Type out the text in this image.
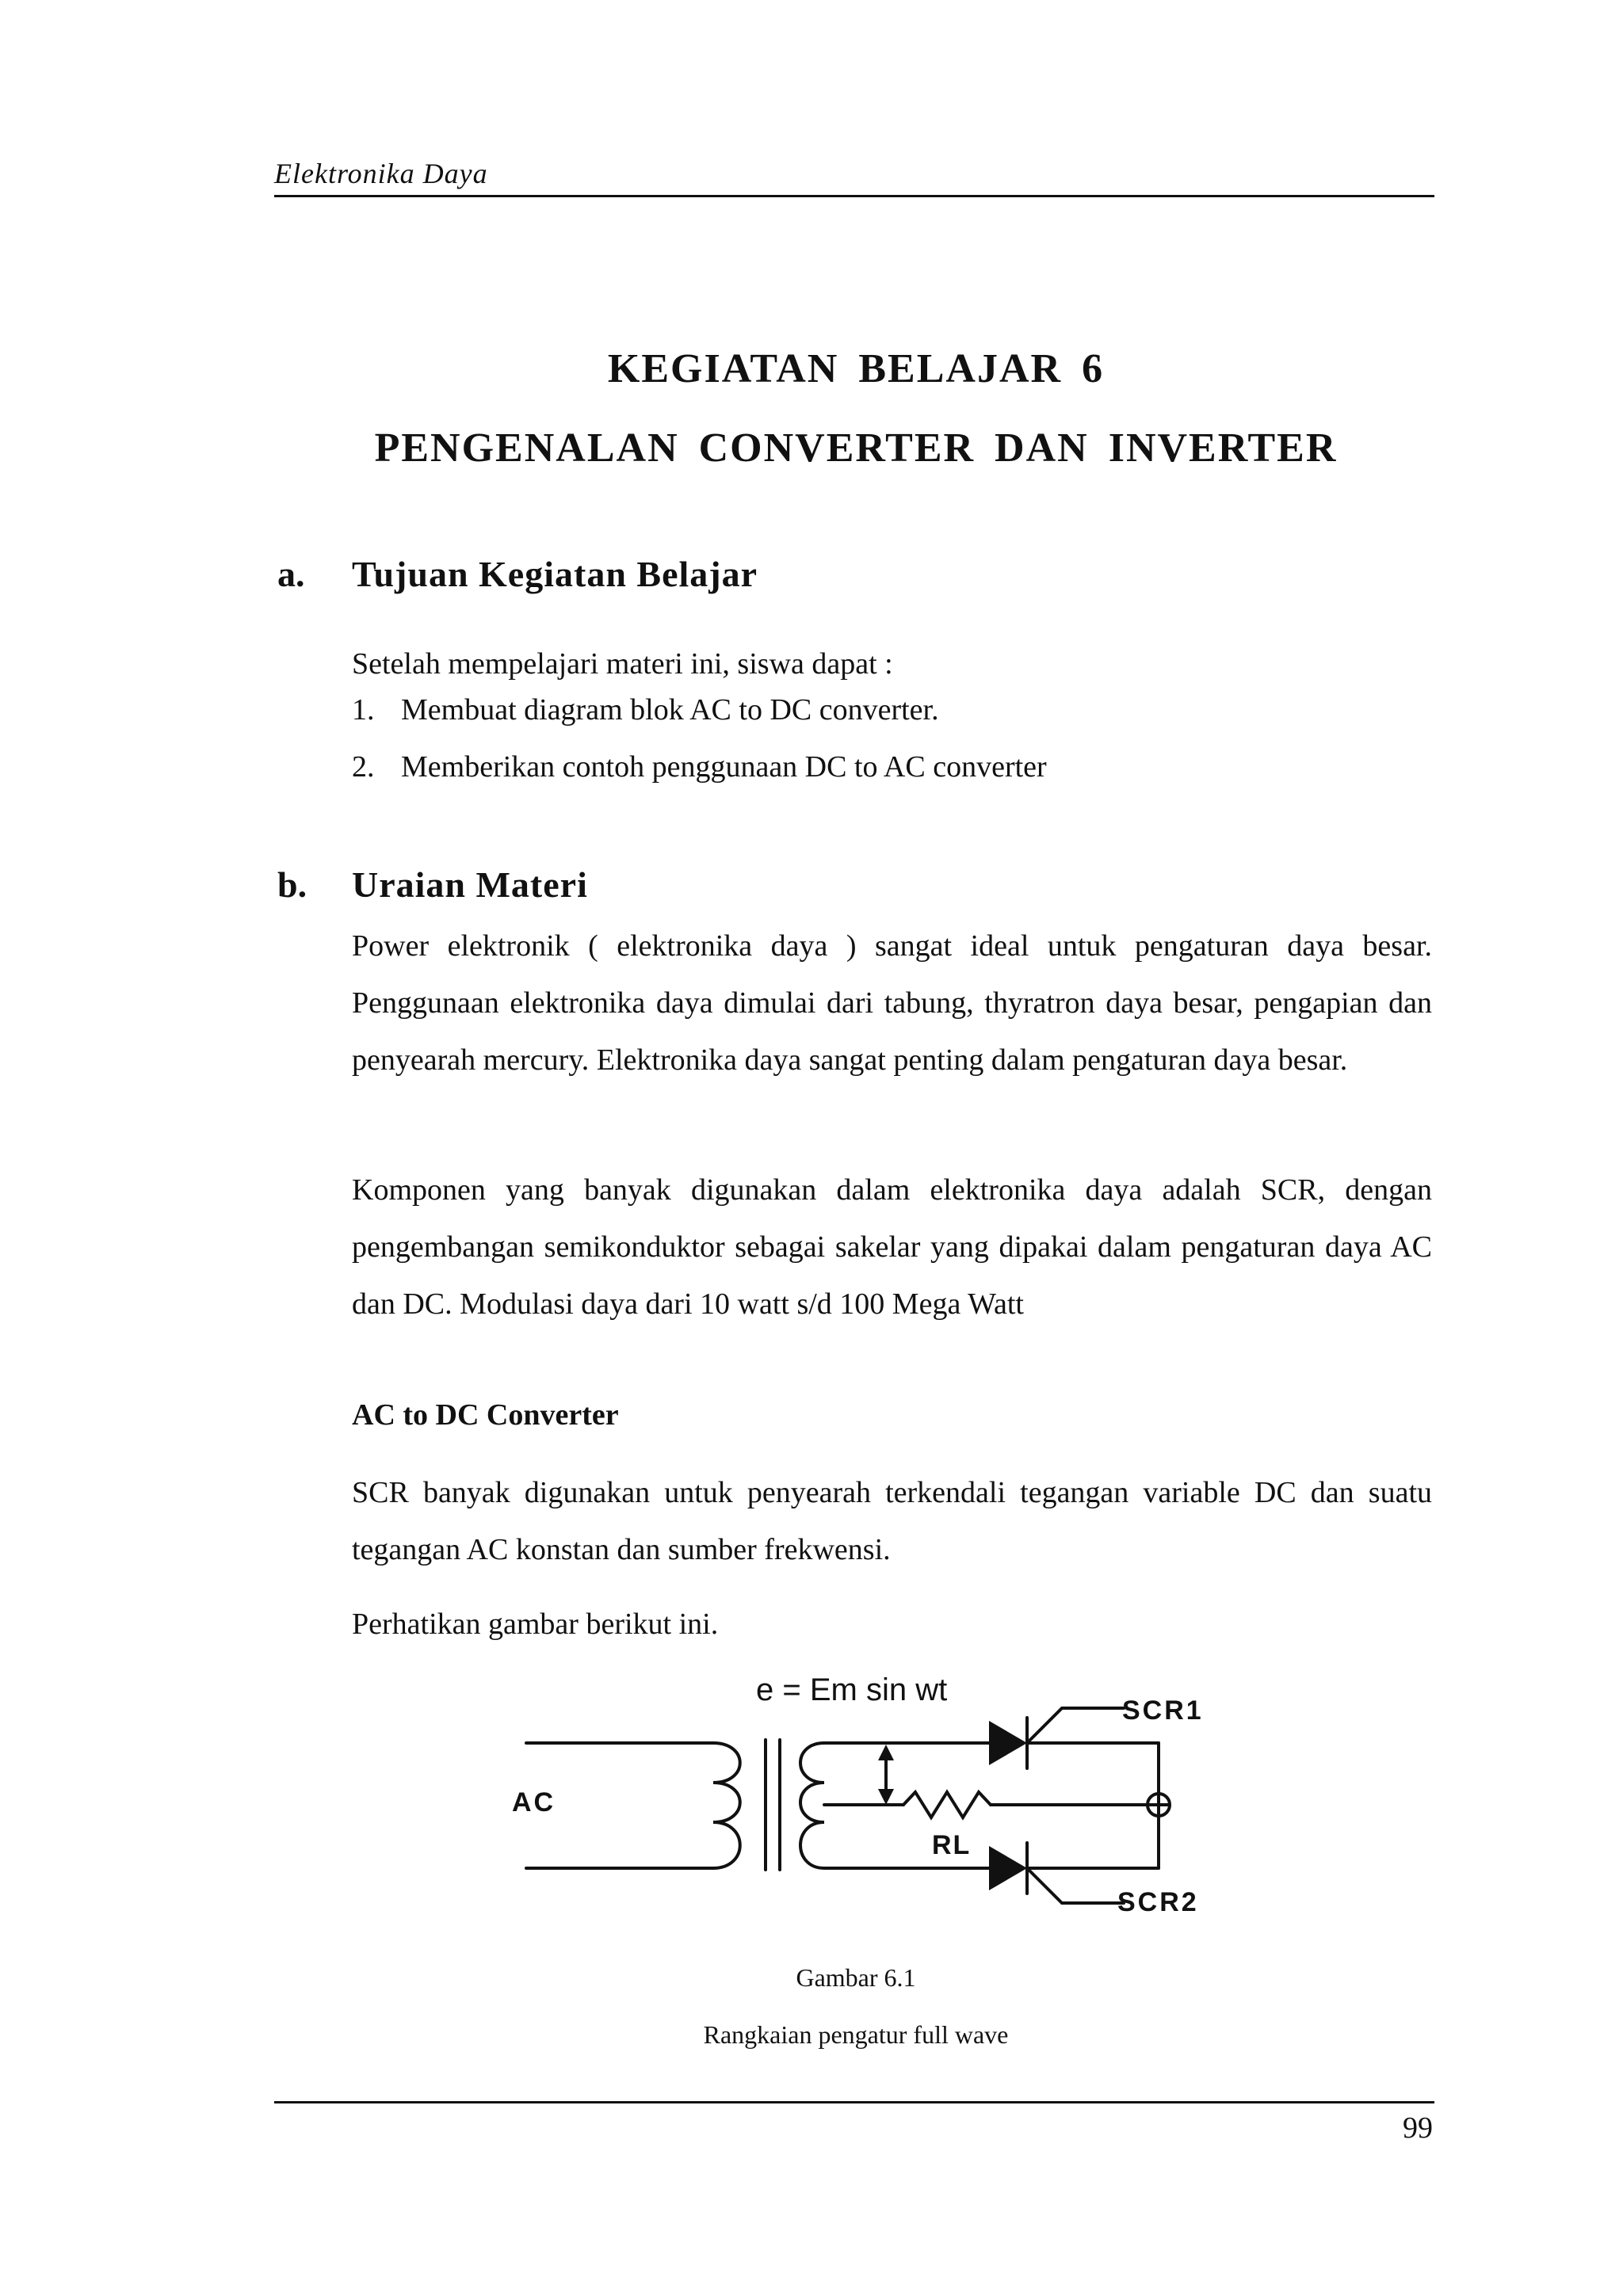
Elektronika Daya
KEGIATAN BELAJAR 6
PENGENALAN CONVERTER DAN INVERTER
a. Tujuan Kegiatan Belajar
Setelah mempelajari materi ini, siswa dapat :
1. Membuat diagram blok AC to DC converter.
2. Memberikan contoh penggunaan DC to AC converter
b. Uraian Materi
Power elektronik ( elektronika daya ) sangat ideal untuk pengaturan daya besar. Penggunaan elektronika daya dimulai dari tabung, thyratron daya besar, pengapian dan penyearah mercury. Elektronika daya sangat penting dalam pengaturan daya besar.
Komponen yang banyak digunakan dalam elektronika daya adalah SCR, dengan pengembangan semikonduktor sebagai sakelar yang dipakai dalam pengaturan daya AC dan DC. Modulasi daya dari 10 watt s/d 100 Mega Watt
AC to DC Converter
SCR banyak digunakan untuk penyearah terkendali tegangan variable DC dan suatu tegangan AC konstan dan sumber frekwensi.
Perhatikan gambar berikut ini.
e = Em sin wt
AC
SCR1
SCR2
RL
Gambar 6.1
Rangkaian pengatur full wave
99
